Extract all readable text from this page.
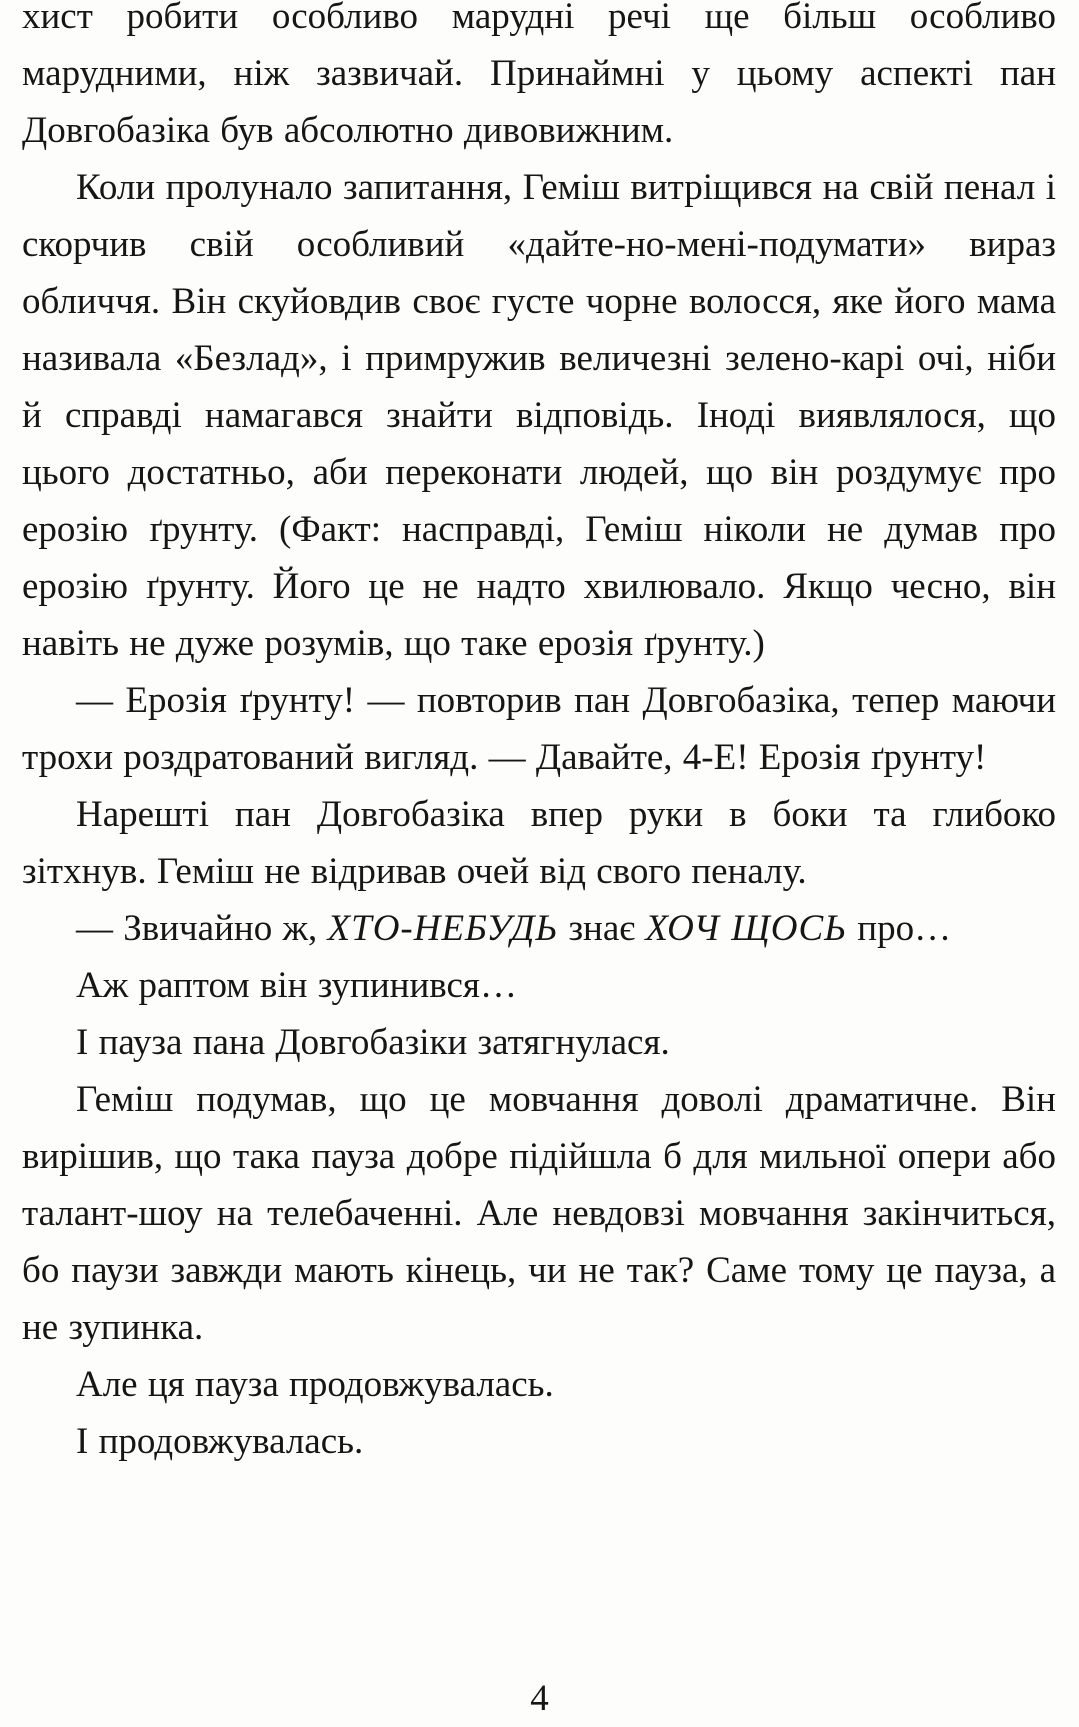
хист робити особливо марудні речі ще більш особливо марудними, ніж зазвичай. Принаймні у цьому аспекті пан Довгобазіка був абсолютно дивовижним.

Коли пролунало запитання, Геміш витріщився на свій пенал і скорчив свій особливий «дайте-но-мені-подумати» вираз обличчя. Він скуйовдив своє густе чорне волосся, яке його мама називала «Безлад», і примружив величезні зелено-карі очі, ніби й справді намагався знайти відповідь. Іноді виявлялося, що цього достатньо, аби переконати людей, що він роздумує про ерозію ґрунту. (Факт: насправді, Геміш ніколи не думав про ерозію ґрунту. Його це не надто хвилювало. Якщо чесно, він навіть не дуже розумів, що таке ерозія ґрунту.)

— Ерозія ґрунту! — повторив пан Довгобазіка, тепер маючи трохи роздратований вигляд. — Давайте, 4-Е! Ерозія ґрунту!

Нарешті пан Довгобазіка впер руки в боки та глибоко зітхнув. Геміш не відривав очей від свого пеналу.

— Звичайно ж, ХТО-НЕБУДЬ знає ХОЧ ЩОСЬ про…

Аж раптом він зупинився…

І пауза пана Довгобазіки затягнулася.

Геміш подумав, що це мовчання доволі драматичне. Він вирішив, що така пауза добре підійшла б для мильної опери або талант-шоу на телебаченні. Але невдовзі мовчання закінчиться, бо паузи завжди мають кінець, чи не так? Саме тому це пауза, а не зупинка.

Але ця пауза продовжувалась.

І продовжувалась.

4
